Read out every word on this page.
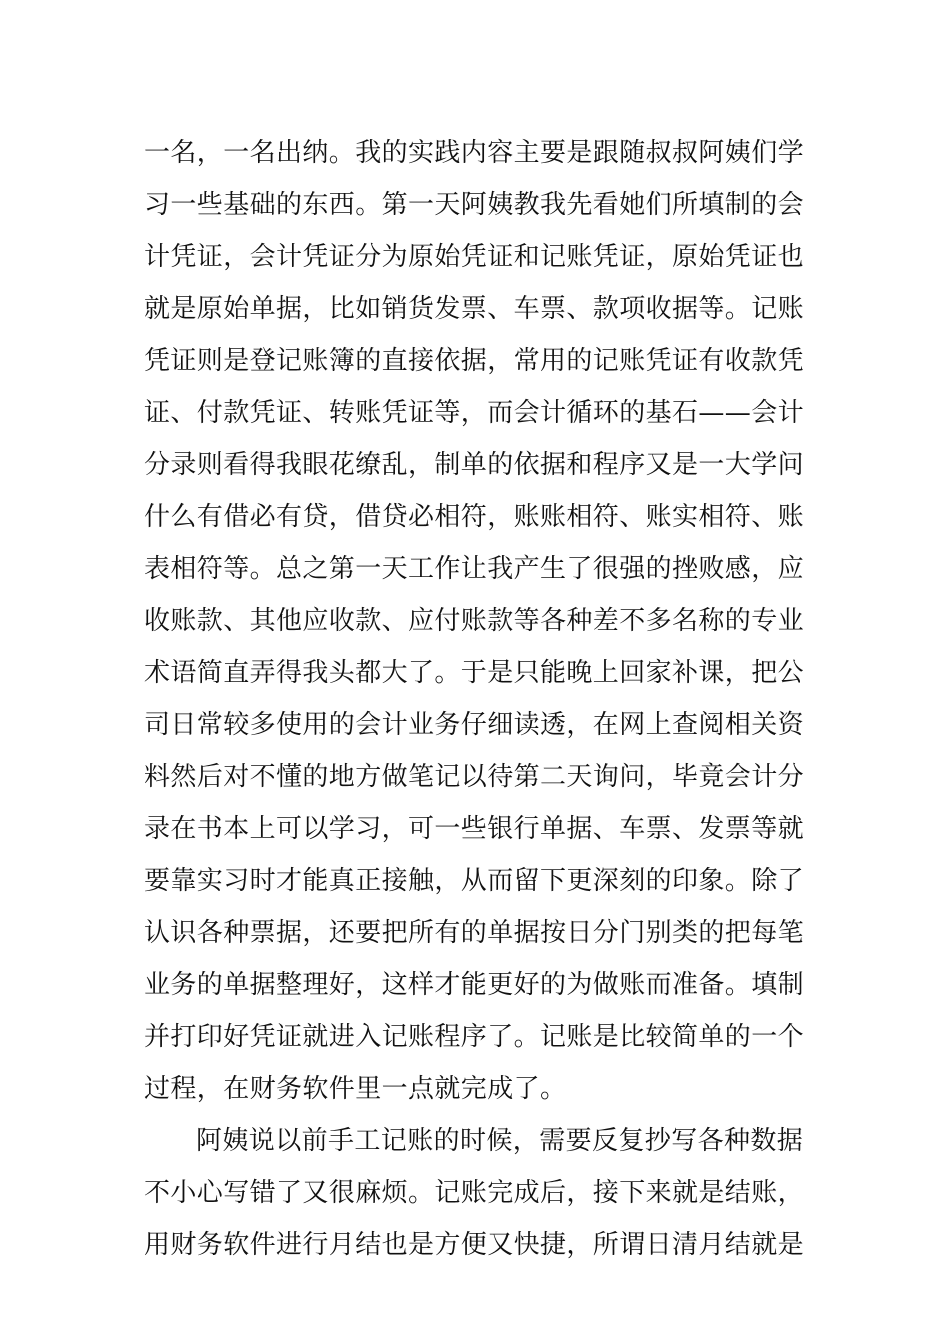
一名，一名出纳。我的实践内容主要是跟随叔叔阿姨们学
习一些基础的东西。第一天阿姨教我先看她们所填制的会
计凭证，会计凭证分为原始凭证和记账凭证，原始凭证也
就是原始单据，比如销货发票、车票、款项收据等。记账
凭证则是登记账簿的直接依据，常用的记账凭证有收款凭
证、付款凭证、转账凭证等，而会计循环的基石——会计
分录则看得我眼花缭乱，制单的依据和程序又是一大学问
什么有借必有贷，借贷必相符，账账相符、账实相符、账
表相符等。总之第一天工作让我产生了很强的挫败感，应
收账款、其他应收款、应付账款等各种差不多名称的专业
术语简直弄得我头都大了。于是只能晚上回家补课，把公
司日常较多使用的会计业务仔细读透，在网上查阅相关资
料然后对不懂的地方做笔记以待第二天询问，毕竟会计分
录在书本上可以学习，可一些银行单据、车票、发票等就
要靠实习时才能真正接触，从而留下更深刻的印象。除了
认识各种票据，还要把所有的单据按日分门别类的把每笔
业务的单据整理好，这样才能更好的为做账而准备。填制
并打印好凭证就进入记账程序了。记账是比较简单的一个
过程，在财务软件里一点就完成了。
阿姨说以前手工记账的时候，需要反复抄写各种数据
不小心写错了又很麻烦。记账完成后，接下来就是结账，
用财务软件进行月结也是方便又快捷，所谓日清月结就是
